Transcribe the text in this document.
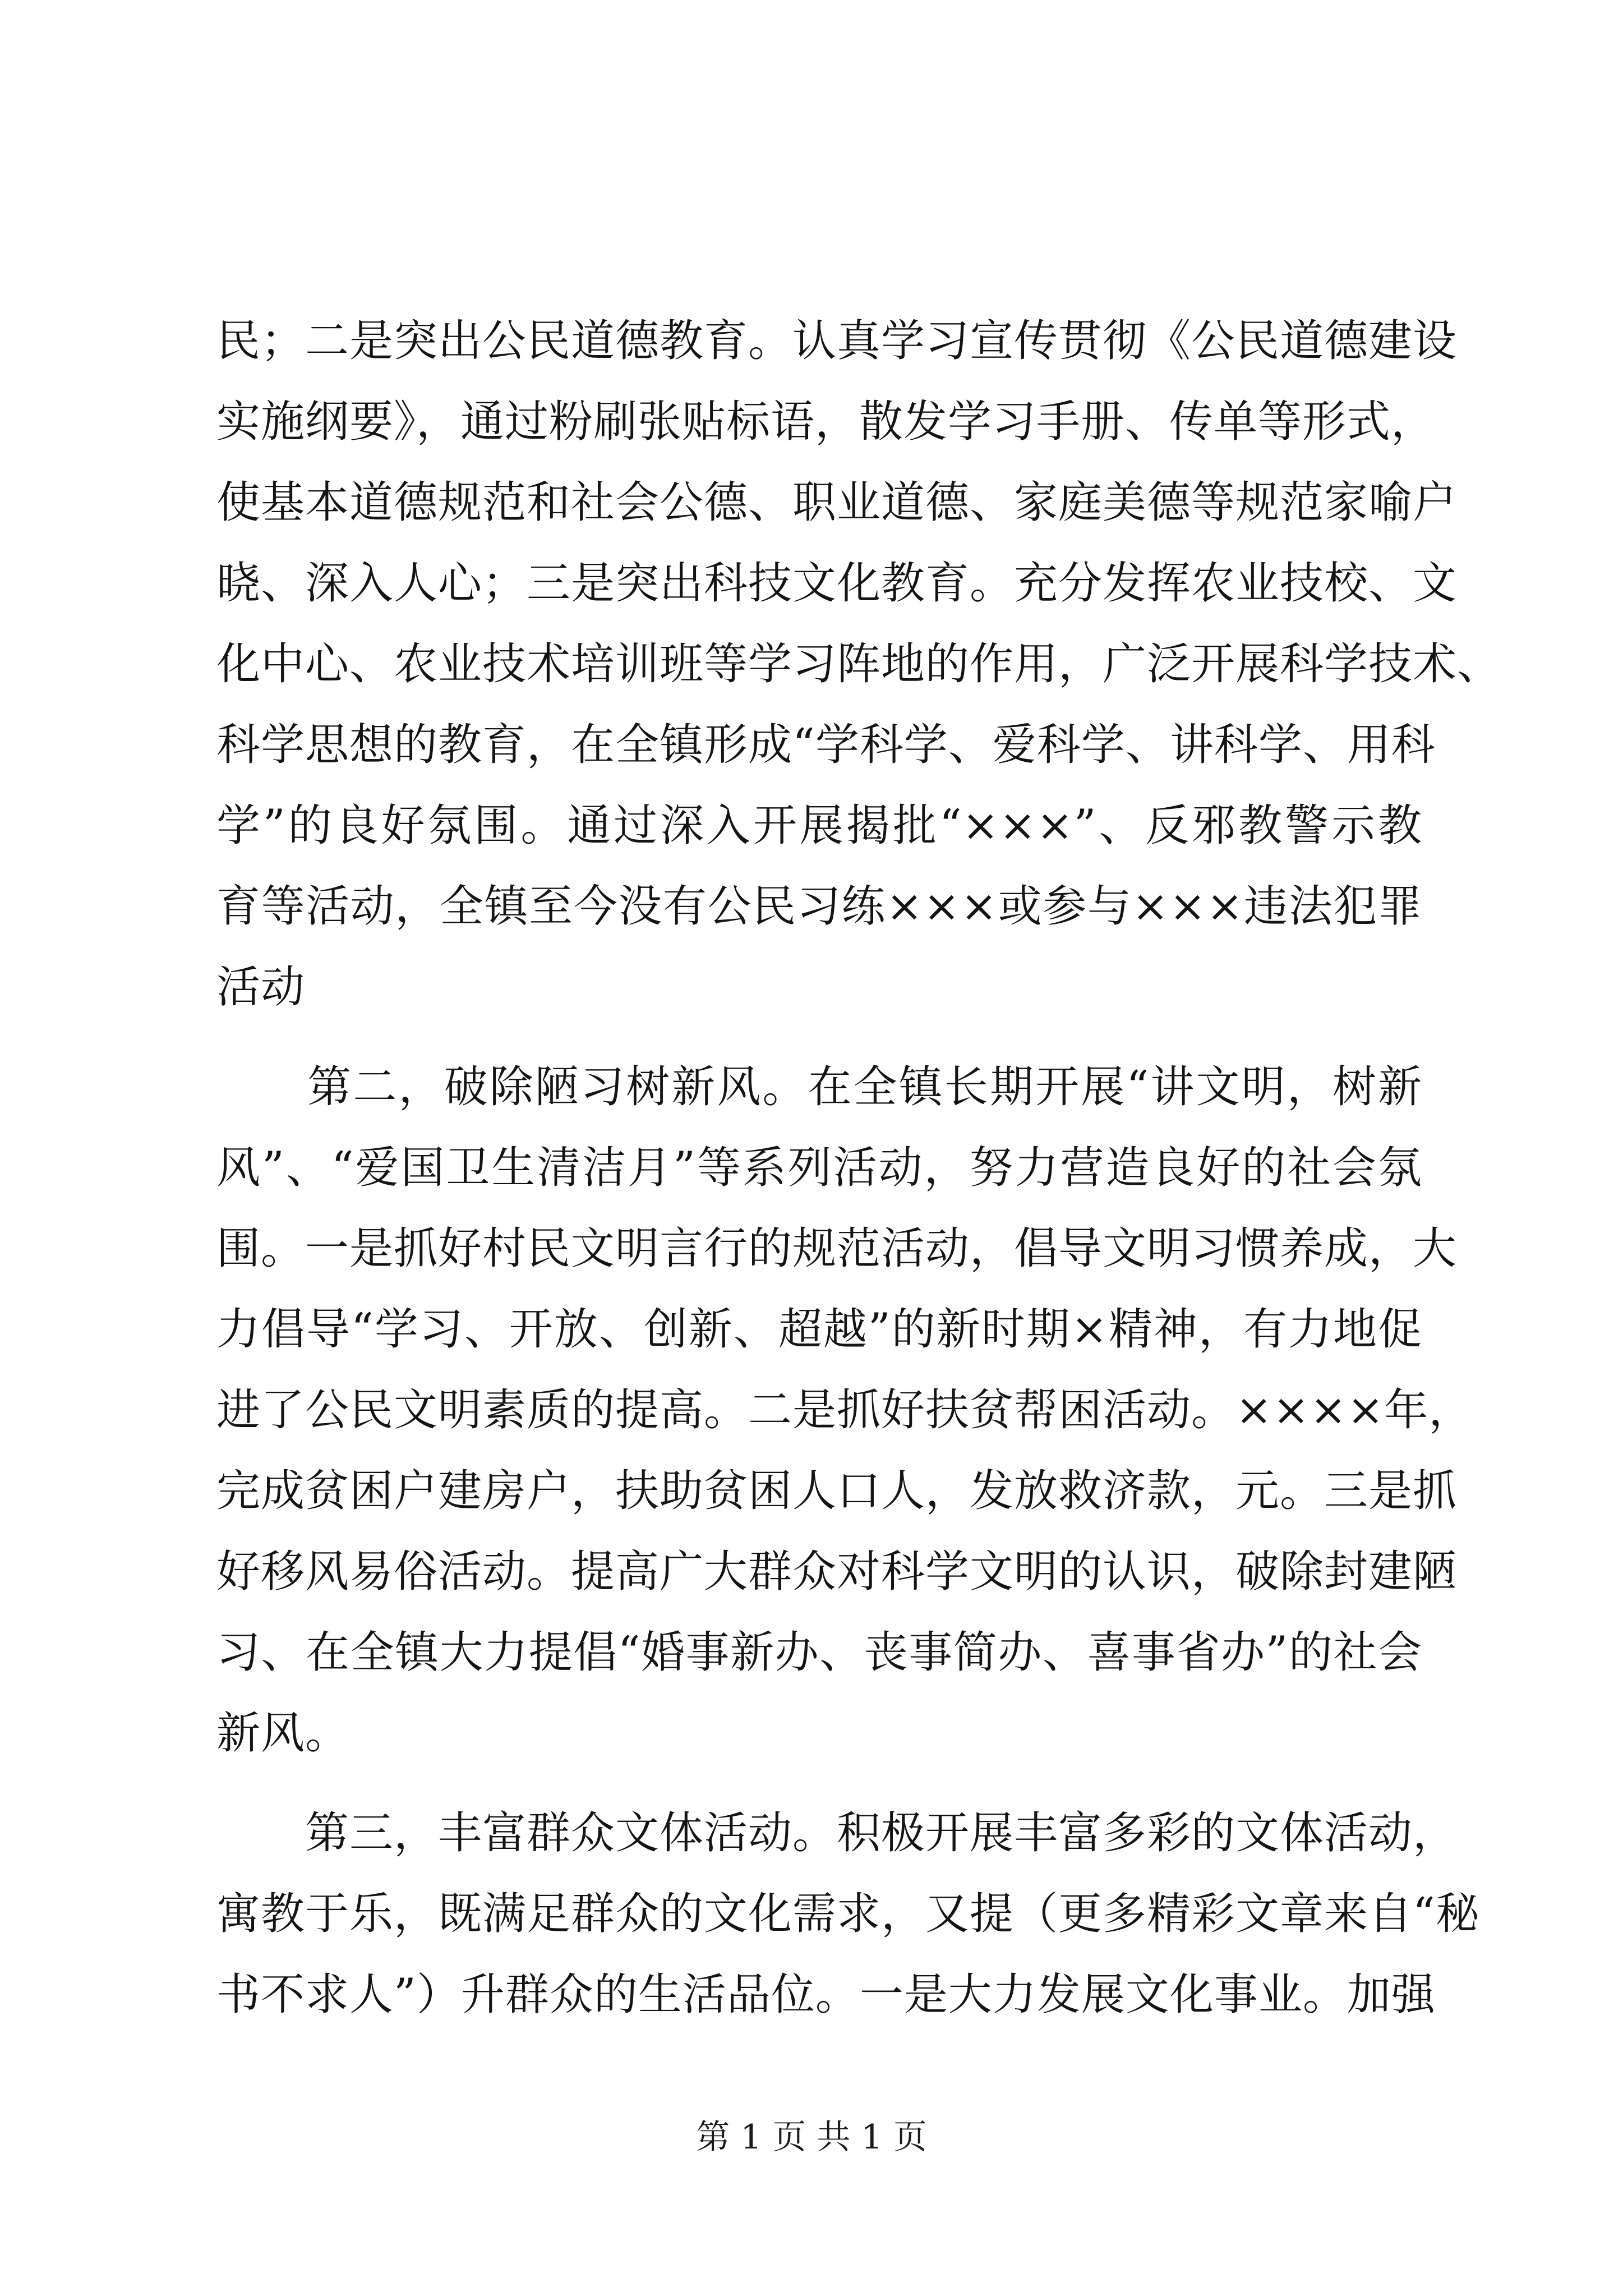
民；二是突出公民道德教育。认真学习宣传贯彻《公民道德建设
实施纲要》，通过粉刷张贴标语，散发学习手册、传单等形式，
使基本道德规范和社会公德、职业道德、家庭美德等规范家喻户
晓、深入人心；三是突出科技文化教育。充分发挥农业技校、文
化中心、农业技术培训班等学习阵地的作用，广泛开展科学技术、
科学思想的教育，在全镇形成“学科学、爱科学、讲科学、用科
学”的良好氛围。通过深入开展揭批“×××”、反邪教警示教
育等活动，全镇至今没有公民习练×××或参与×××违法犯罪
活动
　　第二，破除陋习树新风。在全镇长期开展“讲文明，树新
风”、“爱国卫生清洁月”等系列活动，努力营造良好的社会氛
围。一是抓好村民文明言行的规范活动，倡导文明习惯养成，大
力倡导“学习、开放、创新、超越”的新时期×精神，有力地促
进了公民文明素质的提高。二是抓好扶贫帮困活动。××××年，
完成贫困户建房户，扶助贫困人口人，发放救济款，元。三是抓
好移风易俗活动。提高广大群众对科学文明的认识，破除封建陋
习、在全镇大力提倡“婚事新办、丧事简办、喜事省办”的社会
新风。
　　第三，丰富群众文体活动。积极开展丰富多彩的文体活动，
寓教于乐，既满足群众的文化需求，又提（更多精彩文章来自“秘
书不求人”）升群众的生活品位。一是大力发展文化事业。加强
第 1 页 共 1 页
